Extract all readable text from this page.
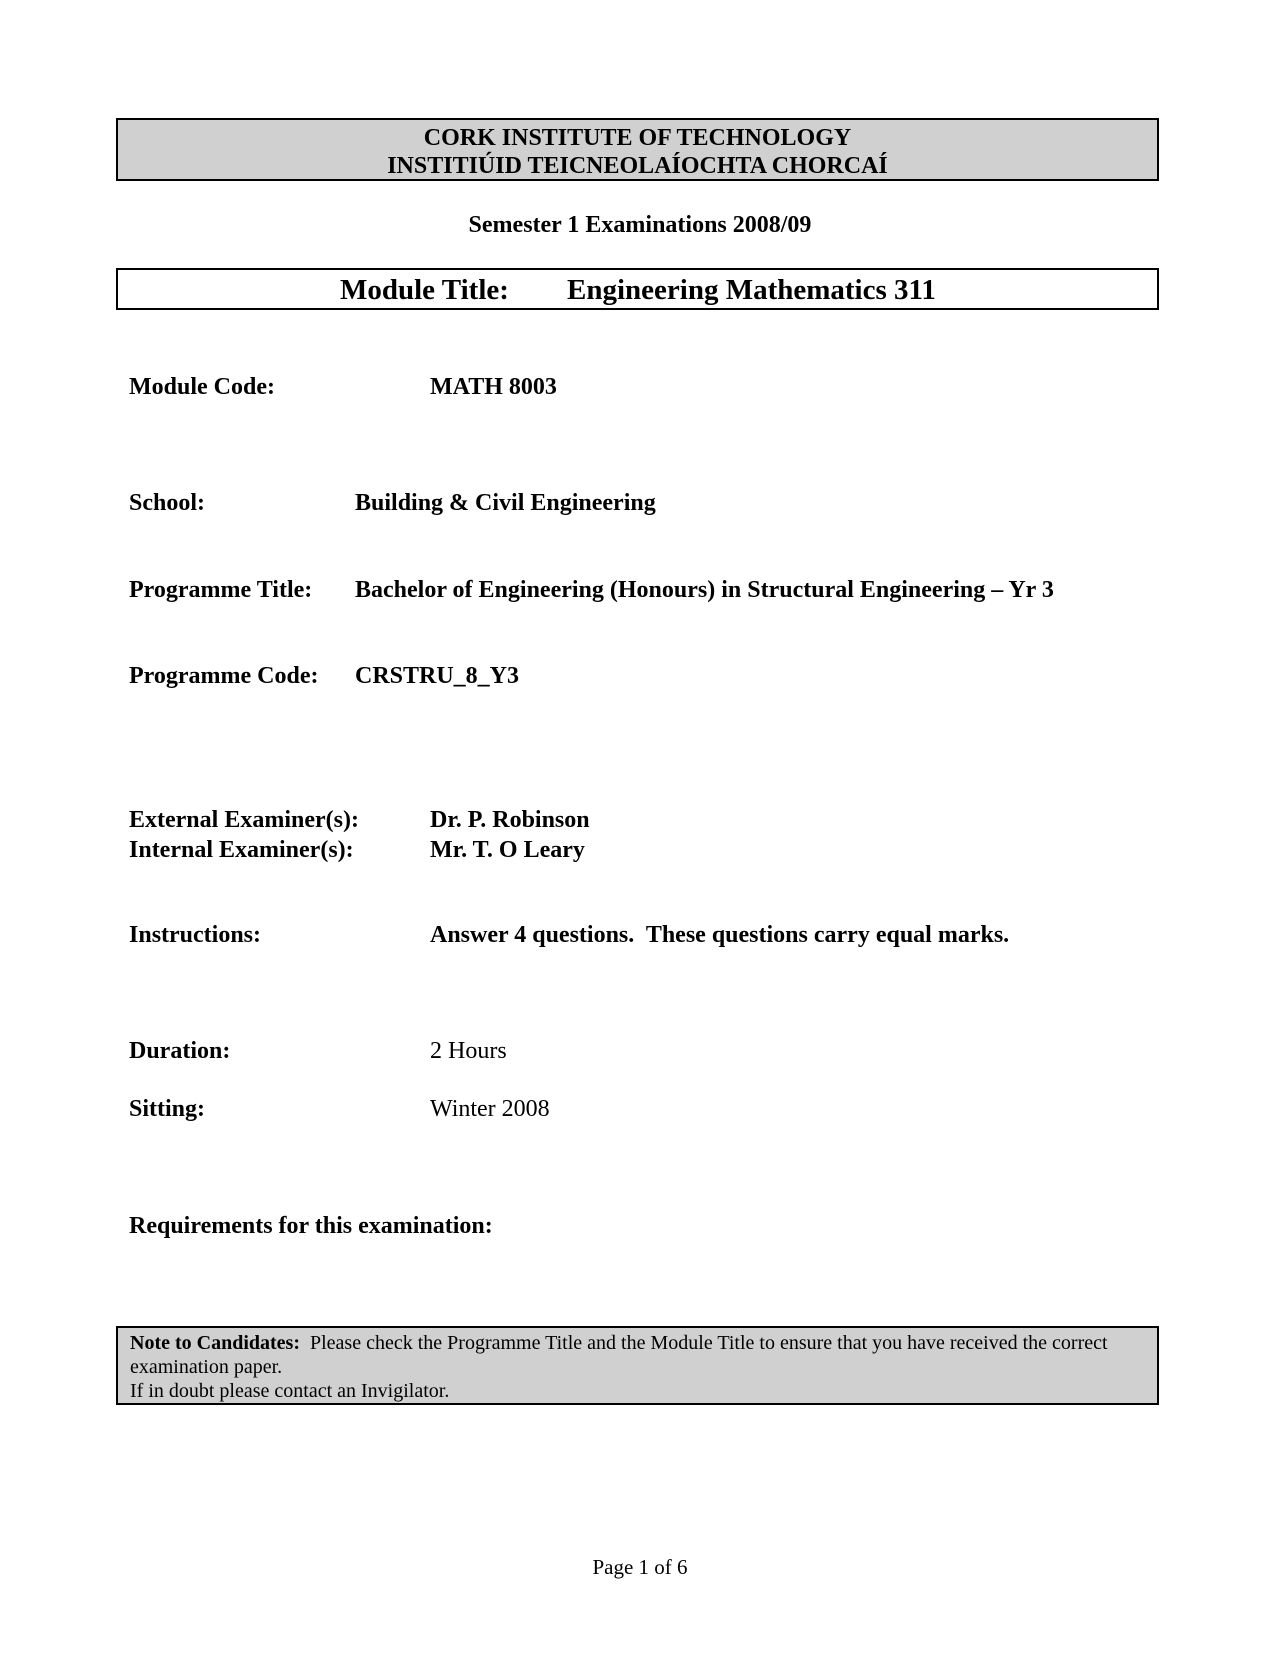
CORK INSTITUTE OF TECHNOLOGY
INSTITIÚID TEICNEOLAÍOCHTA CHORCAÍ
Semester 1 Examinations 2008/09
Module Title: Engineering Mathematics 311
Module Code:	MATH 8003
School:	Building & Civil Engineering
Programme Title: Bachelor of Engineering (Honours) in Structural Engineering – Yr 3
Programme Code: CRSTRU_8_Y3
External Examiner(s):	Dr. P. Robinson
Internal Examiner(s):	Mr. T. O Leary
Instructions:	Answer 4 questions.  These questions carry equal marks.
Duration:	2 Hours
Sitting:	Winter 2008
Requirements for this examination:
Note to Candidates: Please check the Programme Title and the Module Title to ensure that you have received the correct examination paper.
If in doubt please contact an Invigilator.
Page 1 of 6
